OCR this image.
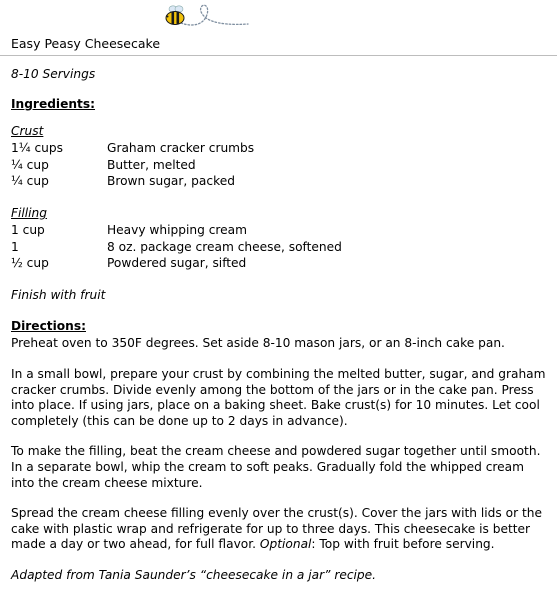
Easy Peasy Cheesecake
8-10 Servings
Ingredients:
Crust
1¼ cups	Graham cracker crumbs
¼ cup	Butter, melted
¼ cup	Brown sugar, packed
Filling
1 cup	Heavy whipping cream
1	8 oz. package cream cheese, softened
½ cup	Powdered sugar, sifted
Finish with fruit
Directions:

Preheat oven to 350F degrees. Set aside 8-10 mason jars, or an 8-inch cake pan.

In a small bowl, prepare your crust by combining the melted butter, sugar, and graham cracker crumbs. Divide evenly among the bottom of the jars or in the cake pan. Press into place. If using jars, place on a baking sheet. Bake crust(s) for 10 minutes. Let cool completely (this can be done up to 2 days in advance).

To make the filling, beat the cream cheese and powdered sugar together until smooth. In a separate bowl, whip the cream to soft peaks. Gradually fold the whipped cream into the cream cheese mixture.

Spread the cream cheese filling evenly over the crust(s). Cover the jars with lids or the cake with plastic wrap and refrigerate for up to three days. This cheesecake is better made a day or two ahead, for full flavor. Optional: Top with fruit before serving.

Adapted from Tania Saunder’s “cheesecake in a jar” recipe.
